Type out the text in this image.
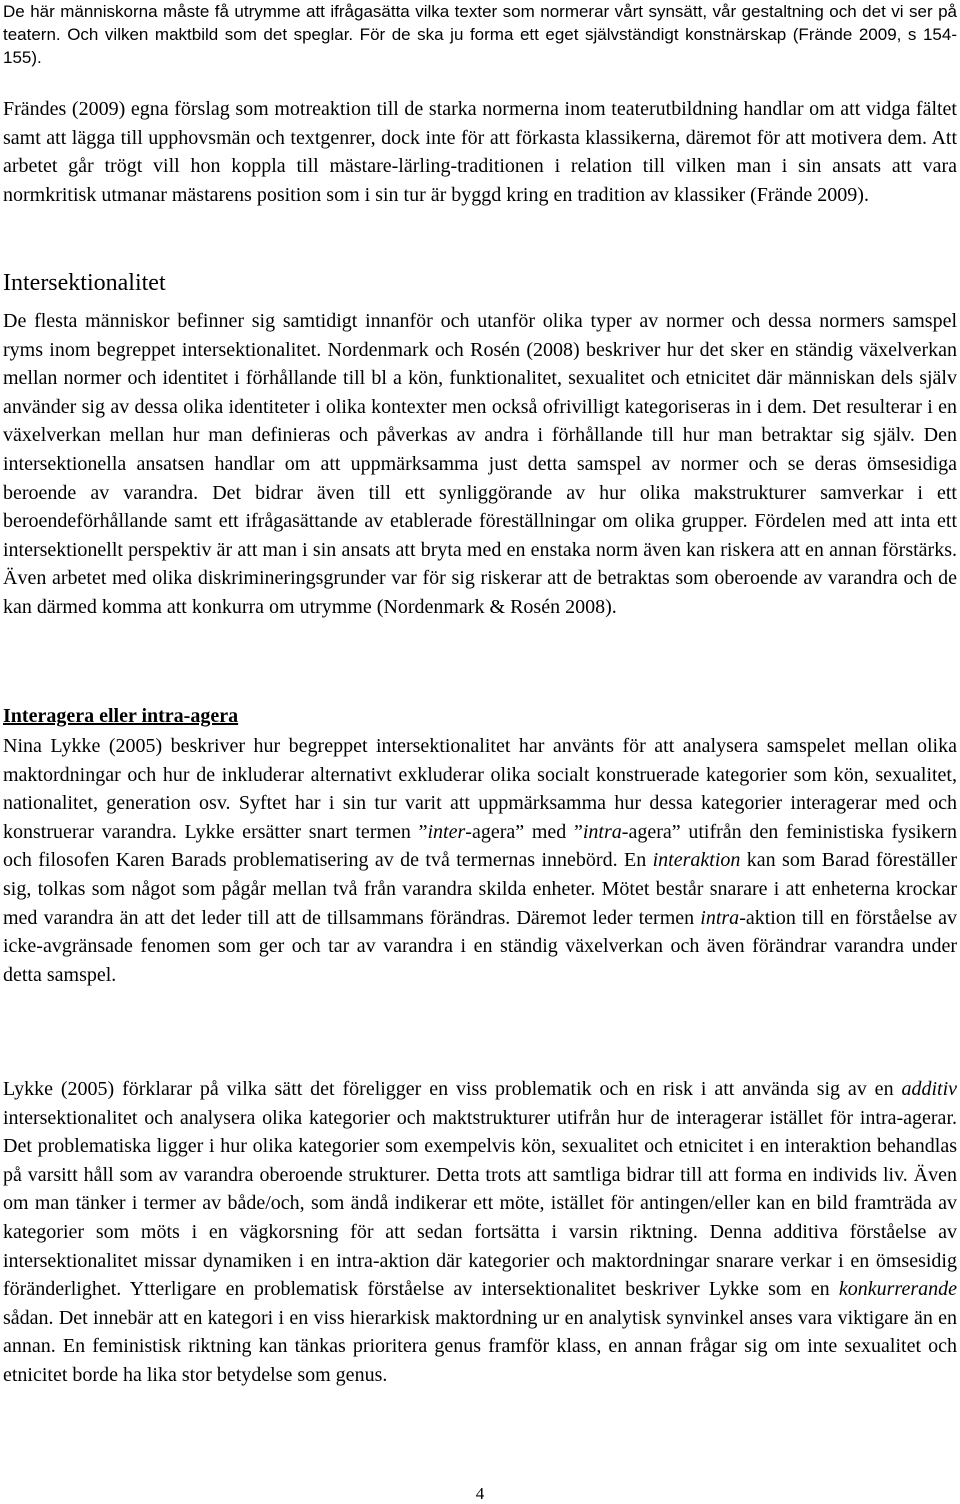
De här människorna måste få utrymme att ifrågasätta vilka texter som normerar vårt synsätt, vår gestaltning och det vi ser på teatern. Och vilken maktbild som det speglar. För de ska ju forma ett eget självständigt konstnärskap (Frände 2009, s 154-155).
Frändes (2009) egna förslag som motreaktion till de starka normerna inom teaterutbildning handlar om att vidga fältet samt att lägga till upphovsmän och textgenrer, dock inte för att förkasta klassikerna, däremot för att motivera dem. Att arbetet går trögt vill hon koppla till mästare-lärling-traditionen i relation till vilken man i sin ansats att vara normkritisk utmanar mästarens position som i sin tur är byggd kring en tradition av klassiker (Frände 2009).
Intersektionalitet
De flesta människor befinner sig samtidigt innanför och utanför olika typer av normer och dessa normers samspel ryms inom begreppet intersektionalitet. Nordenmark och Rosén (2008) beskriver hur det sker en ständig växelverkan mellan normer och identitet i förhållande till bl a kön, funktionalitet, sexualitet och etnicitet där människan dels själv använder sig av dessa olika identiteter i olika kontexter men också ofrivilligt kategoriseras in i dem. Det resulterar i en växelverkan mellan hur man definieras och påverkas av andra i förhållande till hur man betraktar sig själv. Den intersektionella ansatsen handlar om att uppmärksamma just detta samspel av normer och se deras ömsesidiga beroende av varandra. Det bidrar även till ett synliggörande av hur olika makstrukturer samverkar i ett beroendeförhållande samt ett ifrågasättande av etablerade föreställningar om olika grupper. Fördelen med att inta ett intersektionellt perspektiv är att man i sin ansats att bryta med en enstaka norm även kan riskera att en annan förstärks. Även arbetet med olika diskrimineringsgrunder var för sig riskerar att de betraktas som oberoende av varandra och de kan därmed komma att konkurra om utrymme (Nordenmark & Rosén 2008).
Interagera eller intra-agera
Nina Lykke (2005) beskriver hur begreppet intersektionalitet har använts för att analysera samspelet mellan olika maktordningar och hur de inkluderar alternativt exkluderar olika socialt konstruerade kategorier som kön, sexualitet, nationalitet, generation osv. Syftet har i sin tur varit att uppmärksamma hur dessa kategorier interagerar med och konstruerar varandra. Lykke ersätter snart termen ”inter-agera” med ”intra-agera” utifrån den feministiska fysikern och filosofen Karen Barads problematisering av de två termernas innebörd. En interaktion kan som Barad föreställer sig, tolkas som något som pågår mellan två från varandra skilda enheter. Mötet består snarare i att enheterna krockar med varandra än att det leder till att de tillsammans förändras. Däremot leder termen intra-aktion till en förståelse av icke-avgränsade fenomen som ger och tar av varandra i en ständig växelverkan och även förändrar varandra under detta samspel.
Lykke (2005) förklarar på vilka sätt det föreligger en viss problematik och en risk i att använda sig av en additiv intersektionalitet och analysera olika kategorier och maktstrukturer utifrån hur de interagerar istället för intra-agerar. Det problematiska ligger i hur olika kategorier som exempelvis kön, sexualitet och etnicitet i en interaktion behandlas på varsitt håll som av varandra oberoende strukturer. Detta trots att samtliga bidrar till att forma en individs liv. Även om man tänker i termer av både/och, som ändå indikerar ett möte, istället för antingen/eller kan en bild framträda av kategorier som möts i en vägkorsning för att sedan fortsätta i varsin riktning. Denna additiva förståelse av intersektionalitet missar dynamiken i en intra-aktion där kategorier och maktordningar snarare verkar i en ömsesidig föränderlighet. Ytterligare en problematisk förståelse av intersektionalitet beskriver Lykke som en konkurrerande sådan. Det innebär att en kategori i en viss hierarkisk maktordning ur en analytisk synvinkel anses vara viktigare än en annan. En feministisk riktning kan tänkas prioritera genus framför klass, en annan frågar sig om inte sexualitet och etnicitet borde ha lika stor betydelse som genus.
4
